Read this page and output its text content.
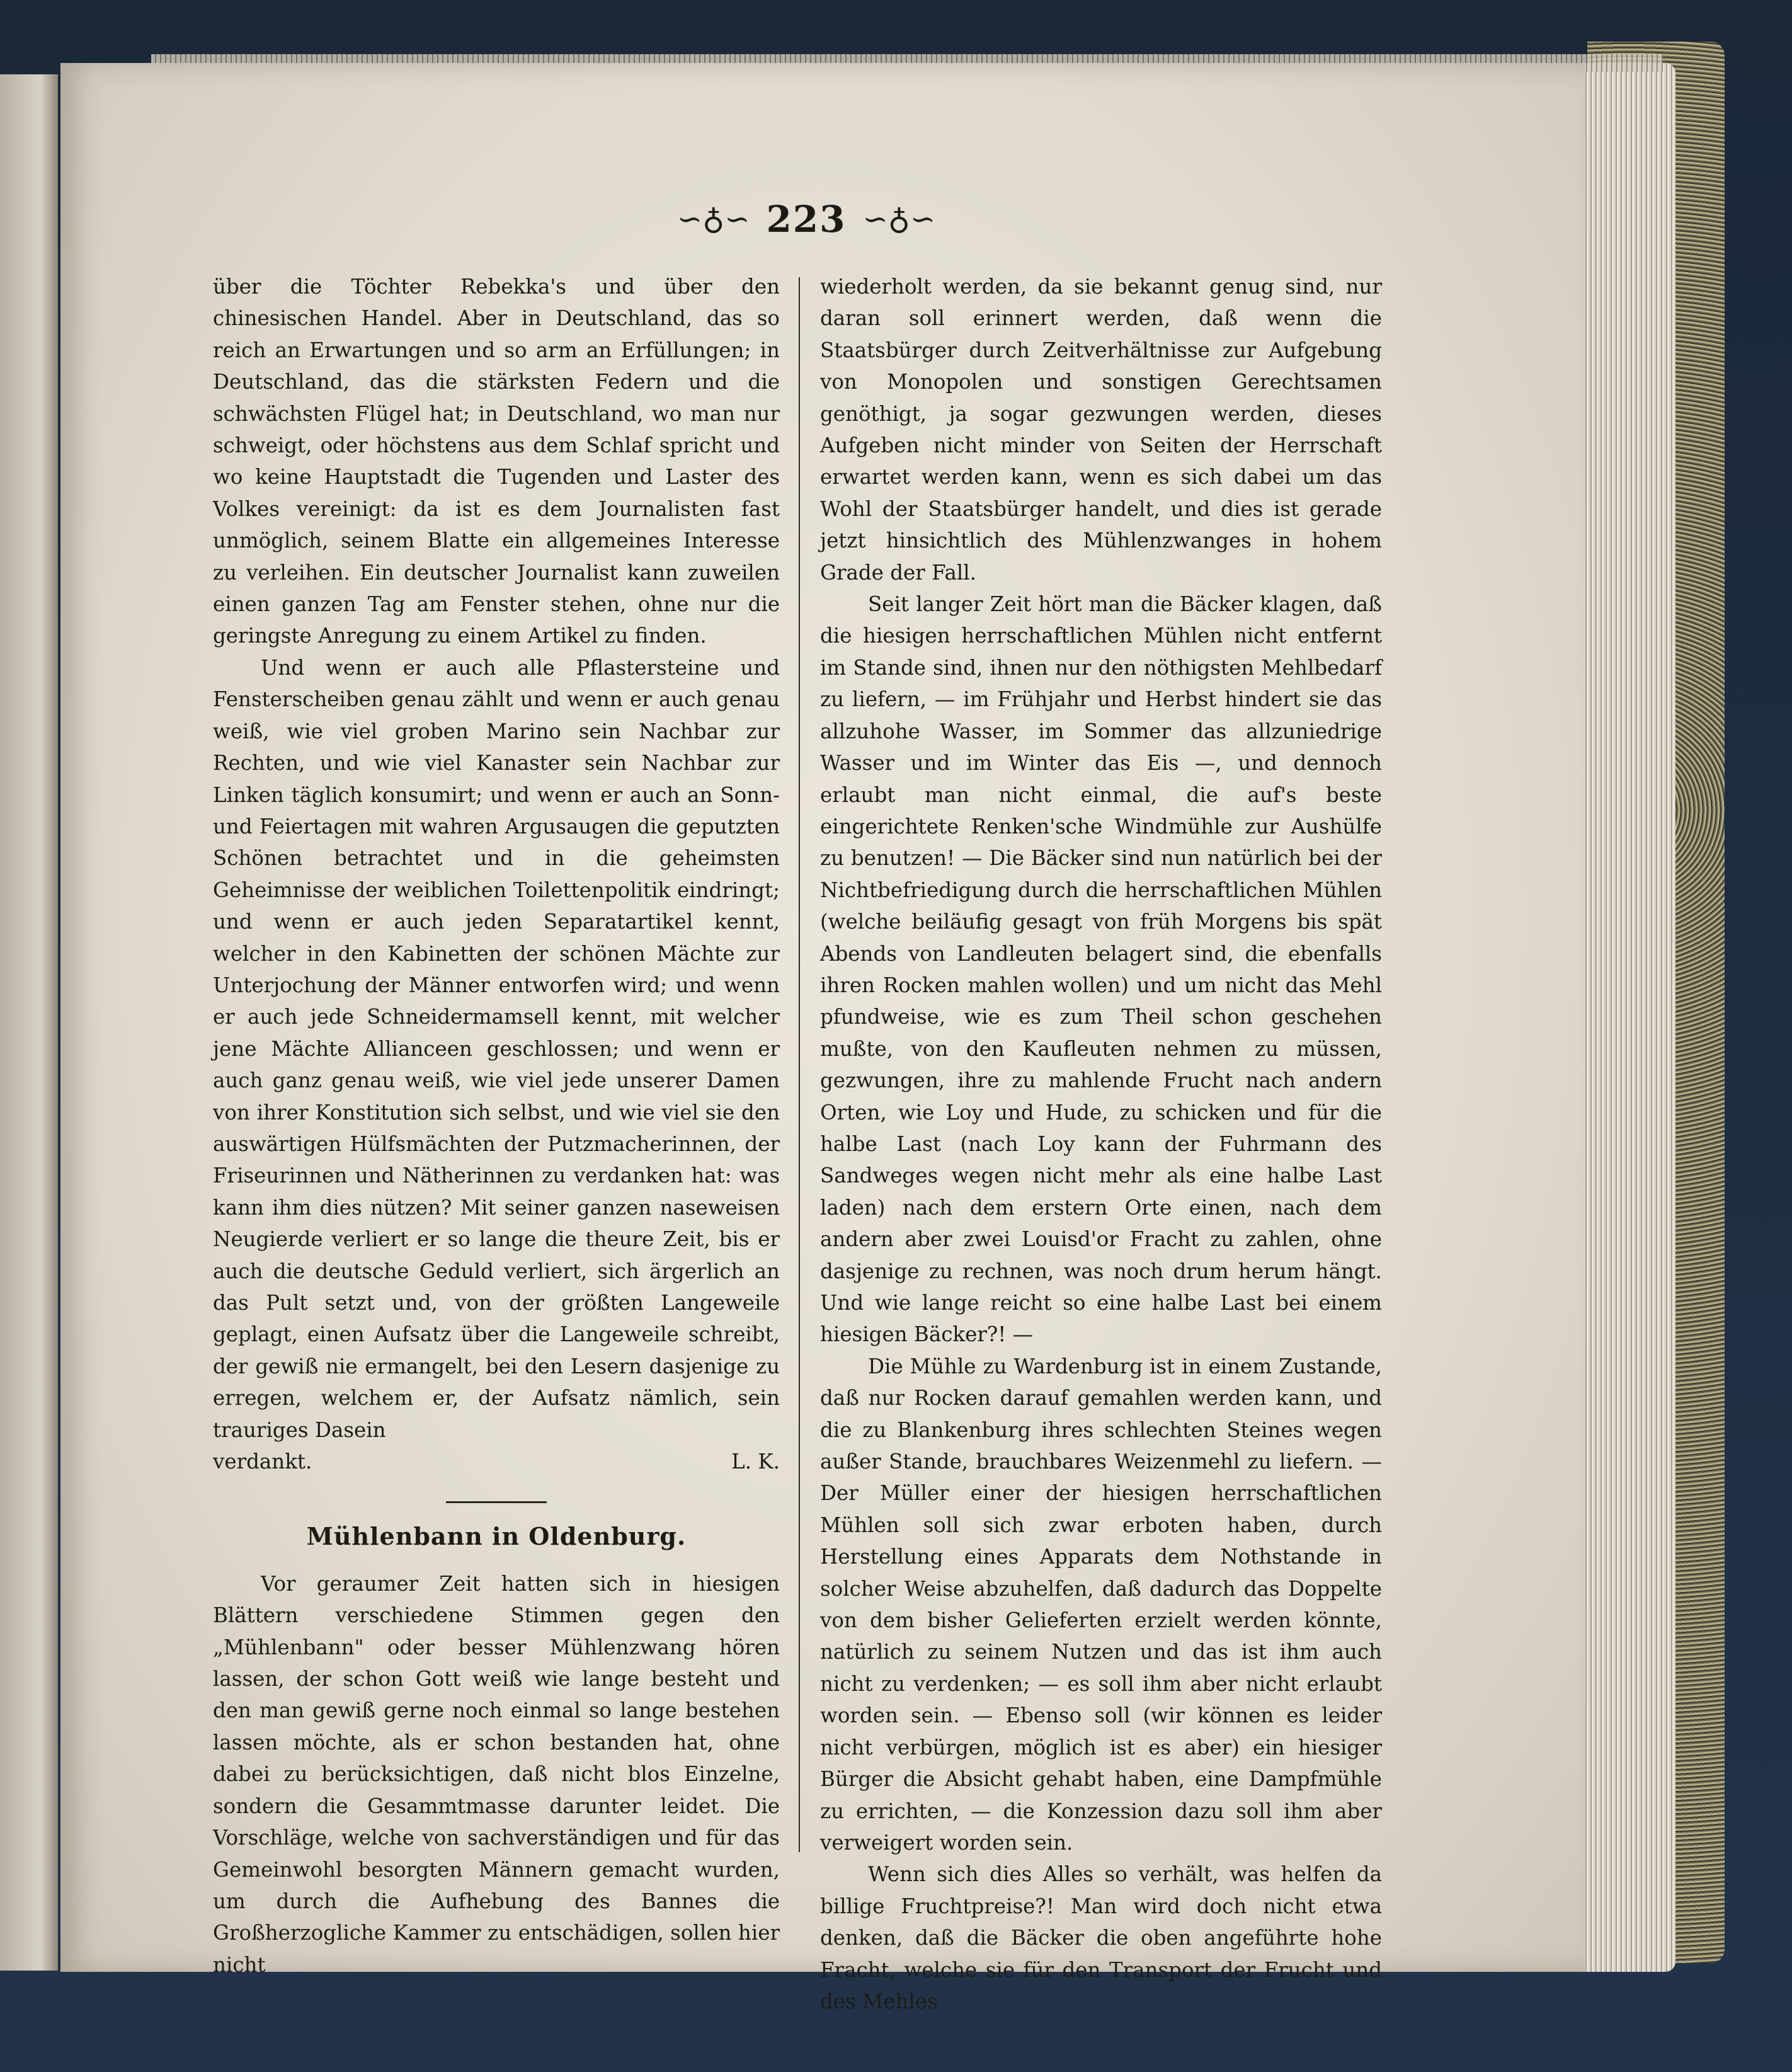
∽♁∽ 223 ∽♁∽

über die Töchter Rebekka's und über den chinesischen Handel. Aber in Deutschland, das so reich an Erwartungen und so arm an Erfüllungen; in Deutschland, das die stärksten Federn und die schwächsten Flügel hat; in Deutschland, wo man nur schweigt, oder höchstens aus dem Schlaf spricht und wo keine Hauptstadt die Tugenden und Laster des Volkes vereinigt: da ist es dem Journalisten fast unmöglich, seinem Blatte ein allgemeines Interesse zu verleihen. Ein deutscher Journalist kann zuweilen einen ganzen Tag am Fenster stehen, ohne nur die geringste Anregung zu einem Artikel zu finden.

Und wenn er auch alle Pflastersteine und Fensterscheiben genau zählt und wenn er auch genau weiß, wie viel groben Marino sein Nachbar zur Rechten, und wie viel Kanaster sein Nachbar zur Linken täglich konsumirt; und wenn er auch an Sonn- und Feiertagen mit wahren Argusaugen die geputzten Schönen betrachtet und in die geheimsten Geheimnisse der weiblichen Toilettenpolitik eindringt; und wenn er auch jeden Separatartikel kennt, welcher in den Kabinetten der schönen Mächte zur Unterjochung der Männer entworfen wird; und wenn er auch jede Schneidermamsell kennt, mit welcher jene Mächte Allianceen geschlossen; und wenn er auch ganz genau weiß, wie viel jede unserer Damen von ihrer Konstitution sich selbst, und wie viel sie den auswärtigen Hülfsmächten der Putzmacherinnen, der Friseurinnen und Nätherinnen zu verdanken hat: was kann ihm dies nützen? Mit seiner ganzen naseweisen Neugierde verliert er so lange die theure Zeit, bis er auch die deutsche Geduld verliert, sich ärgerlich an das Pult setzt und, von der größten Langeweile geplagt, einen Aufsatz über die Langeweile schreibt, der gewiß nie ermangelt, bei den Lesern dasjenige zu erregen, welchem er, der Aufsatz nämlich, sein trauriges Dasein

verdankt.	L. K.
Mühlenbann in Oldenburg.

Vor geraumer Zeit hatten sich in hiesigen Blättern verschiedene Stimmen gegen den „Mühlenbann" oder besser Mühlenzwang hören lassen, der schon Gott weiß wie lange besteht und den man gewiß gerne noch einmal so lange bestehen lassen möchte, als er schon bestanden hat, ohne dabei zu berücksichtigen, daß nicht blos Einzelne, sondern die Gesammtmasse darunter leidet. Die Vorschläge, welche von sachverständigen und für das Gemeinwohl besorgten Männern gemacht wurden, um durch die Aufhebung des Bannes die Großherzogliche Kammer zu entschädigen, sollen hier nicht

wiederholt werden, da sie bekannt genug sind, nur daran soll erinnert werden, daß wenn die Staatsbürger durch Zeitverhältnisse zur Aufgebung von Monopolen und sonstigen Gerechtsamen genöthigt, ja sogar gezwungen werden, dieses Aufgeben nicht minder von Seiten der Herrschaft erwartet werden kann, wenn es sich dabei um das Wohl der Staatsbürger handelt, und dies ist gerade jetzt hinsichtlich des Mühlenzwanges in hohem Grade der Fall.

Seit langer Zeit hört man die Bäcker klagen, daß die hiesigen herrschaftlichen Mühlen nicht entfernt im Stande sind, ihnen nur den nöthigsten Mehlbedarf zu liefern, — im Frühjahr und Herbst hindert sie das allzuhohe Wasser, im Sommer das allzuniedrige Wasser und im Winter das Eis —, und dennoch erlaubt man nicht einmal, die auf's beste eingerichtete Renken'sche Windmühle zur Aushülfe zu benutzen! — Die Bäcker sind nun natürlich bei der Nichtbefriedigung durch die herrschaftlichen Mühlen (welche beiläufig gesagt von früh Morgens bis spät Abends von Landleuten belagert sind, die ebenfalls ihren Rocken mahlen wollen) und um nicht das Mehl pfundweise, wie es zum Theil schon geschehen mußte, von den Kaufleuten nehmen zu müssen, gezwungen, ihre zu mahlende Frucht nach andern Orten, wie Loy und Hude, zu schicken und für die halbe Last (nach Loy kann der Fuhrmann des Sandweges wegen nicht mehr als eine halbe Last laden) nach dem erstern Orte einen, nach dem andern aber zwei Louisd'or Fracht zu zahlen, ohne dasjenige zu rechnen, was noch drum herum hängt. Und wie lange reicht so eine halbe Last bei einem hiesigen Bäcker?! —

Die Mühle zu Wardenburg ist in einem Zustande, daß nur Rocken darauf gemahlen werden kann, und die zu Blankenburg ihres schlechten Steines wegen außer Stande, brauchbares Weizenmehl zu liefern. — Der Müller einer der hiesigen herrschaftlichen Mühlen soll sich zwar erboten haben, durch Herstellung eines Apparats dem Nothstande in solcher Weise abzuhelfen, daß dadurch das Doppelte von dem bisher Gelieferten erzielt werden könnte, natürlich zu seinem Nutzen und das ist ihm auch nicht zu verdenken; — es soll ihm aber nicht erlaubt worden sein. — Ebenso soll (wir können es leider nicht verbürgen, möglich ist es aber) ein hiesiger Bürger die Absicht gehabt haben, eine Dampfmühle zu errichten, — die Konzession dazu soll ihm aber verweigert worden sein.

Wenn sich dies Alles so verhält, was helfen da billige Fruchtpreise?! Man wird doch nicht etwa denken, daß die Bäcker die oben angeführte hohe Fracht, welche sie für den Transport der Frucht und des Mehles
